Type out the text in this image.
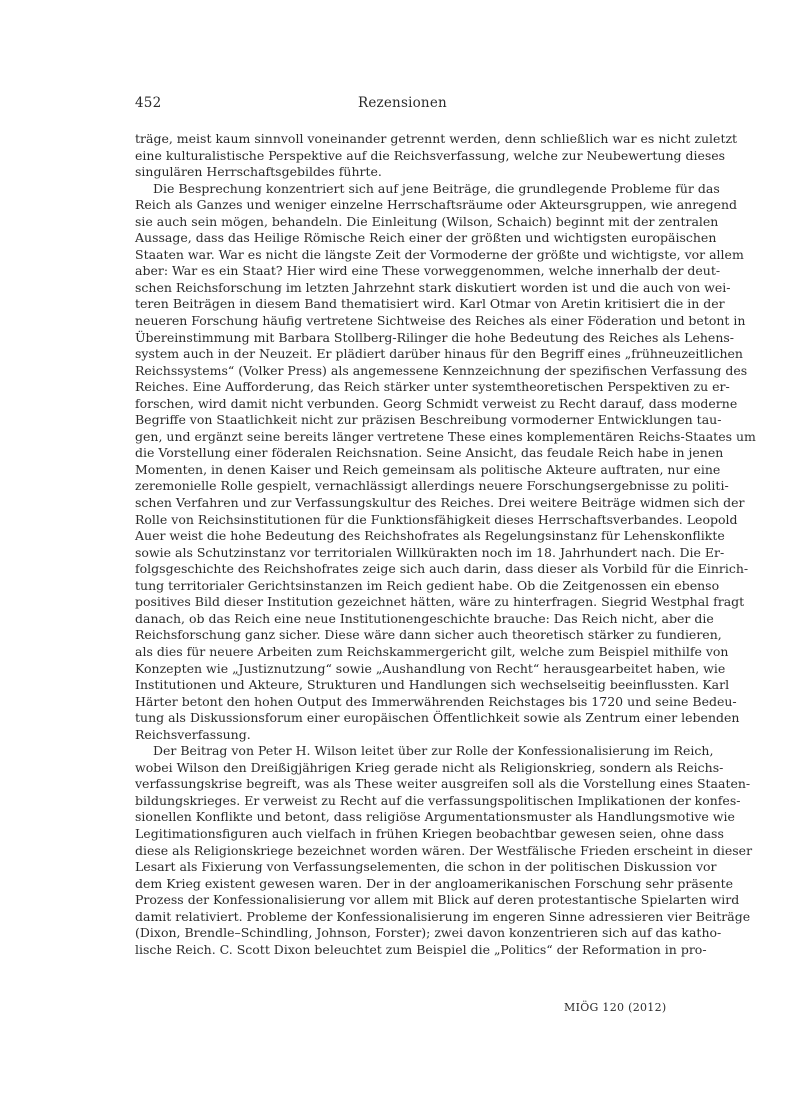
452	Rezensionen
träge, meist kaum sinnvoll voneinander getrennt werden, denn schließlich war es nicht zuletzt
eine kulturalistische Perspektive auf die Reichsverfassung, welche zur Neubewertung dieses
singulären Herrschaftsgebildes führte.
Die Besprechung konzentriert sich auf jene Beiträge, die grundlegende Probleme für das
Reich als Ganzes und weniger einzelne Herrschaftsräume oder Akteursgruppen, wie anregend
sie auch sein mögen, behandeln. Die Einleitung (Wilson, Schaich) beginnt mit der zentralen
Aussage, dass das Heilige Römische Reich einer der größten und wichtigsten europäischen
Staaten war. War es nicht die längste Zeit der Vormoderne der größte und wichtigste, vor allem
aber: War es ein Staat? Hier wird eine These vorweggenommen, welche innerhalb der deut-
schen Reichsforschung im letzten Jahrzehnt stark diskutiert worden ist und die auch von wei-
teren Beiträgen in diesem Band thematisiert wird. Karl Otmar von Aretin kritisiert die in der
neueren Forschung häufig vertretene Sichtweise des Reiches als einer Föderation und betont in
Übereinstimmung mit Barbara Stollberg-Rilinger die hohe Bedeutung des Reiches als Lehens-
system auch in der Neuzeit. Er plädiert darüber hinaus für den Begriff eines „frühneuzeitlichen
Reichssystems“ (Volker Press) als angemessene Kennzeichnung der spezifischen Verfassung des
Reiches. Eine Aufforderung, das Reich stärker unter systemtheoretischen Perspektiven zu er-
forschen, wird damit nicht verbunden. Georg Schmidt verweist zu Recht darauf, dass moderne
Begriffe von Staatlichkeit nicht zur präzisen Beschreibung vormoderner Entwicklungen tau-
gen, und ergänzt seine bereits länger vertretene These eines komplementären Reichs-Staates um
die Vorstellung einer föderalen Reichsnation. Seine Ansicht, das feudale Reich habe in jenen
Momenten, in denen Kaiser und Reich gemeinsam als politische Akteure auftraten, nur eine
zeremonielle Rolle gespielt, vernachlässigt allerdings neuere Forschungsergebnisse zu politi-
schen Verfahren und zur Verfassungskultur des Reiches. Drei weitere Beiträge widmen sich der
Rolle von Reichsinstitutionen für die Funktionsfähigkeit dieses Herrschaftsverbandes. Leopold
Auer weist die hohe Bedeutung des Reichshofrates als Regelungsinstanz für Lehenskonflikte
sowie als Schutzinstanz vor territorialen Willkürakten noch im 18. Jahrhundert nach. Die Er-
folgsgeschichte des Reichshofrates zeige sich auch darin, dass dieser als Vorbild für die Einrich-
tung territorialer Gerichtsinstanzen im Reich gedient habe. Ob die Zeitgenossen ein ebenso
positives Bild dieser Institution gezeichnet hätten, wäre zu hinterfragen. Siegrid Westphal fragt
danach, ob das Reich eine neue Institutionengeschichte brauche: Das Reich nicht, aber die
Reichsforschung ganz sicher. Diese wäre dann sicher auch theoretisch stärker zu fundieren,
als dies für neuere Arbeiten zum Reichskammergericht gilt, welche zum Beispiel mithilfe von
Konzepten wie „Justiznutzung“ sowie „Aushandlung von Recht“ herausgearbeitet haben, wie
Institutionen und Akteure, Strukturen und Handlungen sich wechselseitig beeinflussten. Karl
Härter betont den hohen Output des Immerwährenden Reichstages bis 1720 und seine Bedeu-
tung als Diskussionsforum einer europäischen Öffentlichkeit sowie als Zentrum einer lebenden
Reichsverfassung.
Der Beitrag von Peter H. Wilson leitet über zur Rolle der Konfessionalisierung im Reich,
wobei Wilson den Dreißigjährigen Krieg gerade nicht als Religionskrieg, sondern als Reichs-
verfassungskrise begreift, was als These weiter ausgreifen soll als die Vorstellung eines Staaten-
bildungskrieges. Er verweist zu Recht auf die verfassungspolitischen Implikationen der konfes-
sionellen Konflikte und betont, dass religiöse Argumentationsmuster als Handlungsmotive wie
Legitimationsfiguren auch vielfach in frühen Kriegen beobachtbar gewesen seien, ohne dass
diese als Religionskriege bezeichnet worden wären. Der Westfälische Frieden erscheint in dieser
Lesart als Fixierung von Verfassungselementen, die schon in der politischen Diskussion vor
dem Krieg existent gewesen waren. Der in der angloamerikanischen Forschung sehr präsente
Prozess der Konfessionalisierung vor allem mit Blick auf deren protestantische Spielarten wird
damit relativiert. Probleme der Konfessionalisierung im engeren Sinne adressieren vier Beiträge
(Dixon, Brendle–Schindling, Johnson, Forster); zwei davon konzentrieren sich auf das kathо-
lische Reich. C. Scott Dixon beleuchtet zum Beispiel die „Politics“ der Reformation in pro-
MIÖG 120 (2012)
